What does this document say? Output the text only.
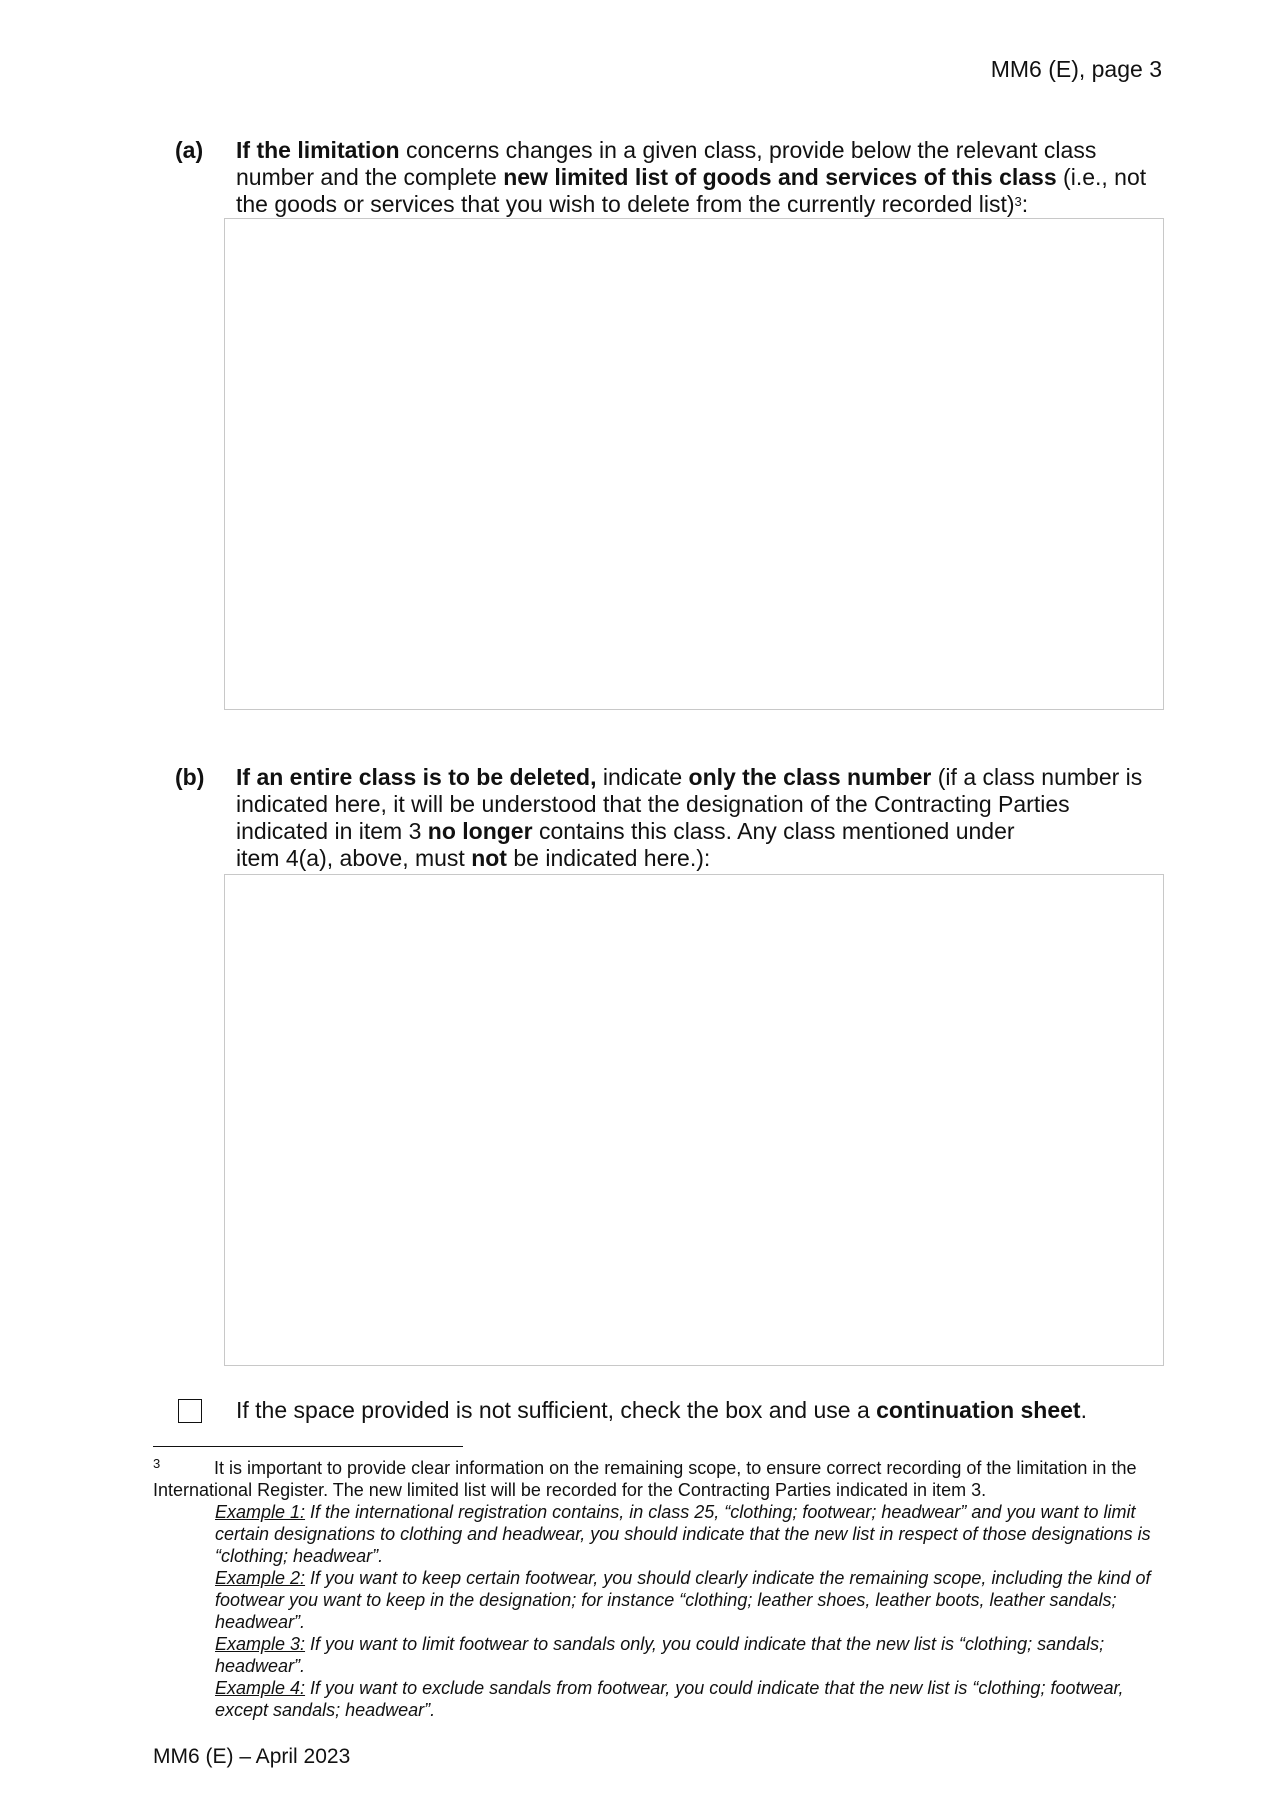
MM6 (E), page 3
(a) If the limitation concerns changes in a given class, provide below the relevant class number and the complete new limited list of goods and services of this class (i.e., not the goods or services that you wish to delete from the currently recorded list)$^3$:
(b) If an entire class is to be deleted, indicate only the class number (if a class number is indicated here, it will be understood that the designation of the Contracting Parties indicated in item 3 no longer contains this class. Any class mentioned under
item 4(a), above, must not be indicated here.):
If the space provided is not sufficient, check the box and use a continuation sheet.
3	It is important to provide clear information on the remaining scope, to ensure correct recording of the limitation in the International Register. The new limited list will be recorded for the Contracting Parties indicated in item 3.
Example 1: If the international registration contains, in class 25, “clothing; footwear; headwear” and you want to limit certain designations to clothing and headwear, you should indicate that the new list in respect of those designations is “clothing; headwear”.
Example 2: If you want to keep certain footwear, you should clearly indicate the remaining scope, including the kind of footwear you want to keep in the designation; for instance “clothing; leather shoes, leather boots, leather sandals; headwear”.
Example 3: If you want to limit footwear to sandals only, you could indicate that the new list is “clothing; sandals; headwear”.
Example 4: If you want to exclude sandals from footwear, you could indicate that the new list is “clothing; footwear, except sandals; headwear”.
MM6 (E) – April 2023
